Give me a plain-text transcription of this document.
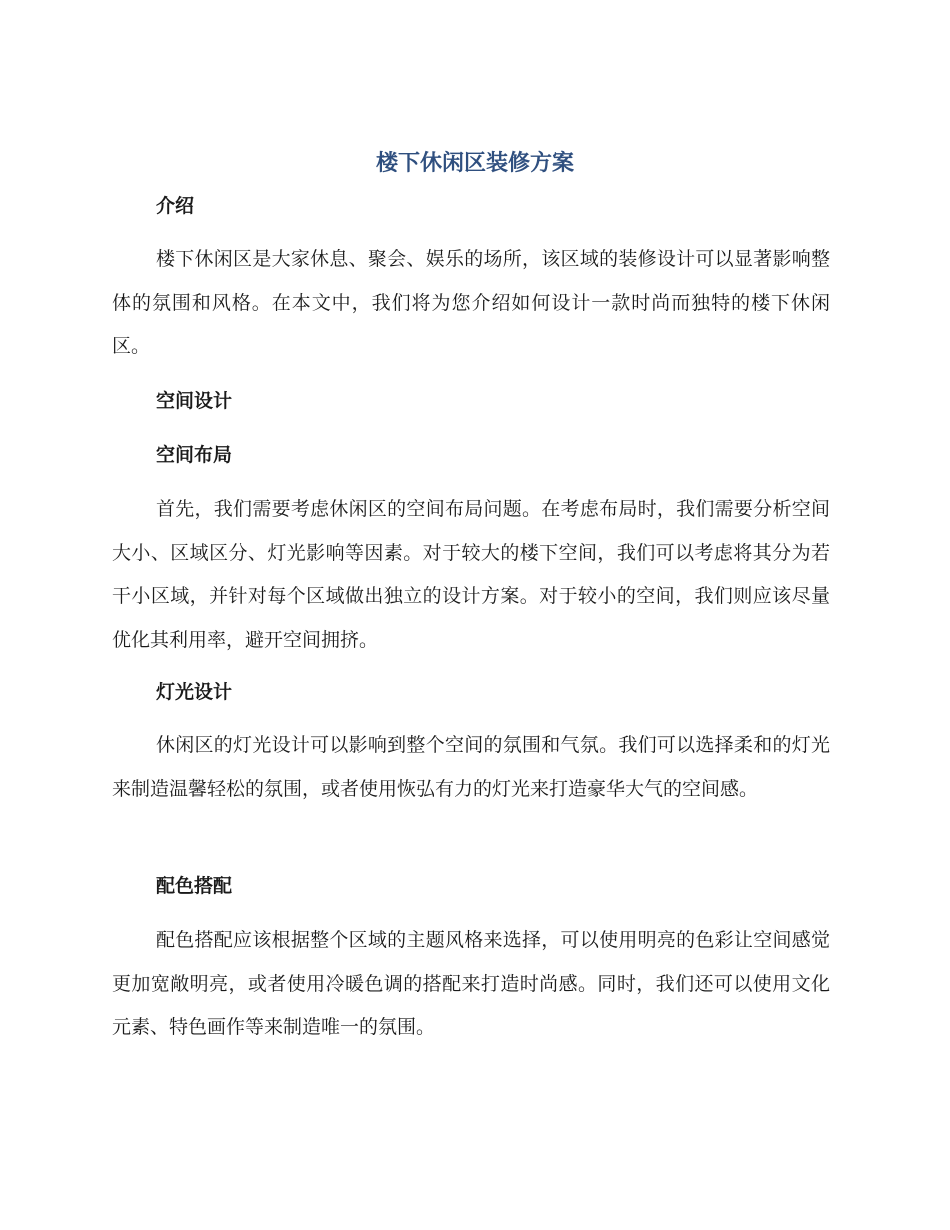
楼下休闲区装修方案
介绍

楼下休闲区是大家休息、聚会、娱乐的场所，该区域的装修设计可以显著影响整体的氛围和风格。在本文中，我们将为您介绍如何设计一款时尚而独特的楼下休闲区。

空间设计
空间布局

首先，我们需要考虑休闲区的空间布局问题。在考虑布局时，我们需要分析空间大小、区域区分、灯光影响等因素。对于较大的楼下空间，我们可以考虑将其分为若干小区域，并针对每个区域做出独立的设计方案。对于较小的空间，我们则应该尽量优化其利用率，避开空间拥挤。

灯光设计

休闲区的灯光设计可以影响到整个空间的氛围和气氛。我们可以选择柔和的灯光来制造温馨轻松的氛围，或者使用恢弘有力的灯光来打造豪华大气的空间感。

配色搭配

配色搭配应该根据整个区域的主题风格来选择，可以使用明亮的色彩让空间感觉更加宽敞明亮，或者使用冷暖色调的搭配来打造时尚感。同时，我们还可以使用文化元素、特色画作等来制造唯一的氛围。
